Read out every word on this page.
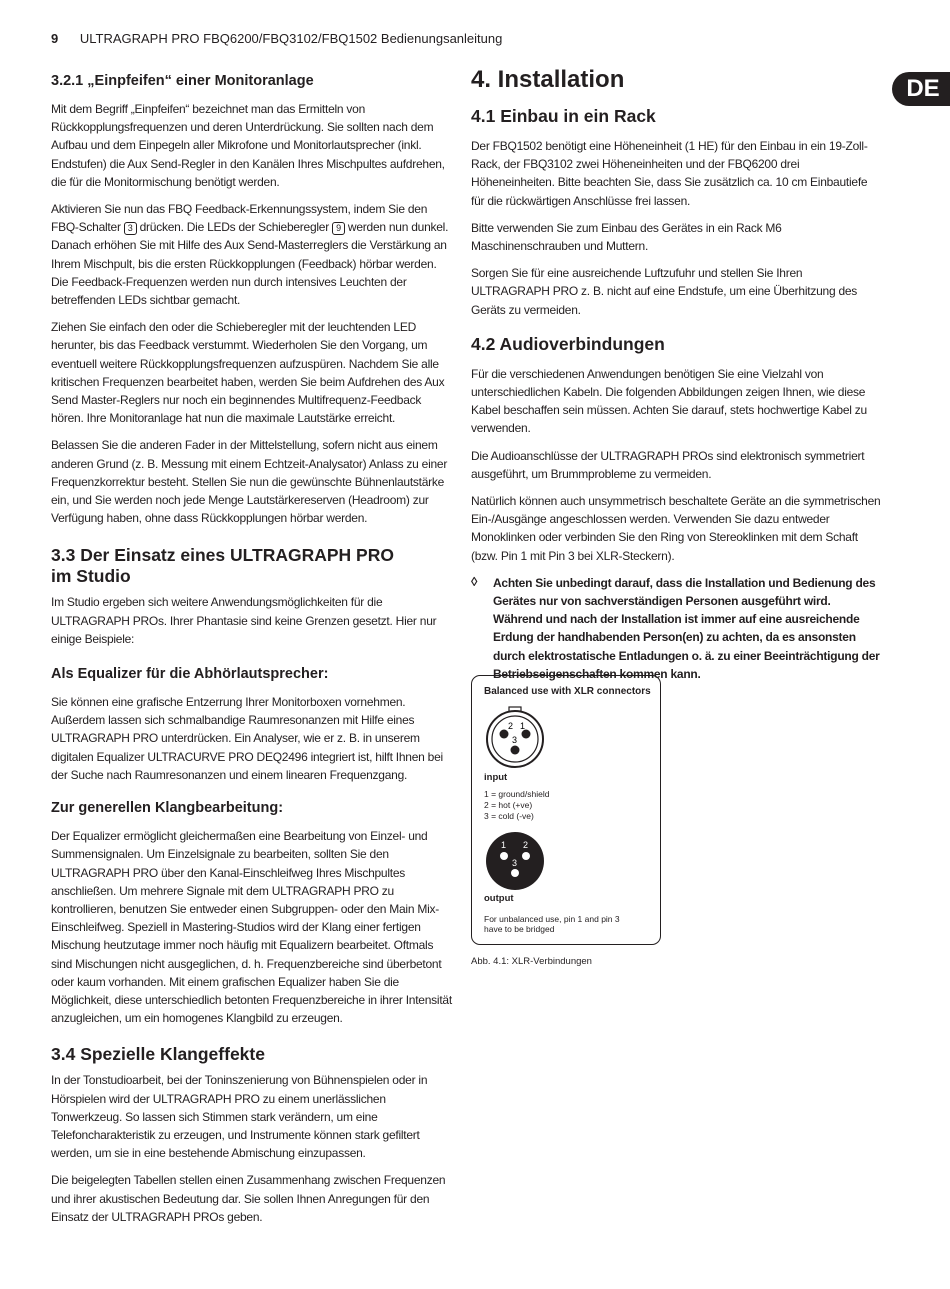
9 ULTRAGRAPH PRO FBQ6200/FBQ3102/FBQ1502 Bedienungsanleitung
DE
3.2.1 „Einpfeifen“ einer Monitoranlage

Mit dem Begriff „Einpfeifen“ bezeichnet man das Ermitteln von Rückkopplungsfrequenzen und deren Unterdrückung. Sie sollten nach dem Aufbau und dem Einpegeln aller Mikrofone und Monitorlautsprecher (inkl. Endstufen) die Aux Send-Regler in den Kanälen Ihres Mischpultes aufdrehen, die für die Monitormischung benötigt werden.

Aktivieren Sie nun das FBQ Feedback-Erkennungssystem, indem Sie den FBQ-Schalter 3 drücken. Die LEDs der Schieberegler 9 werden nun dunkel. Danach erhöhen Sie mit Hilfe des Aux Send-Masterreglers die Verstärkung an Ihrem Mischpult, bis die ersten Rückkopplungen (Feedback) hörbar werden. Die Feedback-Frequenzen werden nun durch intensives Leuchten der betreffenden LEDs sichtbar gemacht.

Ziehen Sie einfach den oder die Schieberegler mit der leuchtenden LED herunter, bis das Feedback verstummt. Wiederholen Sie den Vorgang, um eventuell weitere Rückkopplungsfrequenzen aufzuspüren. Nachdem Sie alle kritischen Frequenzen bearbeitet haben, werden Sie beim Aufdrehen des Aux Send Master-Reglers nur noch ein beginnendes Multifrequenz-Feedback hören. Ihre Monitoranlage hat nun die maximale Lautstärke erreicht.

Belassen Sie die anderen Fader in der Mittelstellung, sofern nicht aus einem anderen Grund (z. B. Messung mit einem Echtzeit-Analysator) Anlass zu einer Frequenzkorrektur besteht. Stellen Sie nun die gewünschte Bühnenlautstärke ein, und Sie werden noch jede Menge Lautstärkereserven (Headroom) zur Verfügung haben, ohne dass Rückkopplungen hörbar werden.

3.3 Der Einsatz eines ULTRAGRAPH PRO
im Studio

Im Studio ergeben sich weitere Anwendungsmöglichkeiten für die ULTRAGRAPH PROs. Ihrer Phantasie sind keine Grenzen gesetzt. Hier nur einige Beispiele:

Als Equalizer für die Abhörlautsprecher:

Sie können eine grafische Entzerrung Ihrer Monitorboxen vornehmen. Außerdem lassen sich schmalbandige Raumresonanzen mit Hilfe eines ULTRAGRAPH PRO unterdrücken. Ein Analyser, wie er z. B. in unserem digitalen Equalizer ULTRACURVE PRO DEQ2496 integriert ist, hilft Ihnen bei der Suche nach Raumresonanzen und einem linearen Frequenzgang.

Zur generellen Klangbearbeitung:

Der Equalizer ermöglicht gleichermaßen eine Bearbeitung von Einzel- und Summensignalen. Um Einzelsignale zu bearbeiten, sollten Sie den ULTRAGRAPH PRO über den Kanal-Einschleifweg Ihres Mischpultes anschließen. Um mehrere Signale mit dem ULTRAGRAPH PRO zu kontrollieren, benutzen Sie entweder einen Subgruppen- oder den Main Mix-Einschleifweg. Speziell in Mastering-Studios wird der Klang einer fertigen Mischung heutzutage immer noch häufig mit Equalizern bearbeitet. Oftmals sind Mischungen nicht ausgeglichen, d. h. Frequenzbereiche sind überbetont oder kaum vorhanden. Mit einem grafischen Equalizer haben Sie die Möglichkeit, diese unterschiedlich betonten Frequenzbereiche in ihrer Intensität anzugleichen, um ein homogenes Klangbild zu erzeugen.

3.4 Spezielle Klangeffekte

In der Tonstudioarbeit, bei der Toninszenierung von Bühnenspielen oder in Hörspielen wird der ULTRAGRAPH PRO zu einem unerlässlichen Tonwerkzeug. So lassen sich Stimmen stark verändern, um eine Telefoncharakteristik zu erzeugen, und Instrumente können stark gefiltert werden, um sie in eine bestehende Abmischung einzupassen.

Die beigelegten Tabellen stellen einen Zusammenhang zwischen Frequenzen und ihrer akustischen Bedeutung dar. Sie sollen Ihnen Anregungen für den Einsatz der ULTRAGRAPH PROs geben.

4. Installation
4.1 Einbau in ein Rack

Der FBQ1502 benötigt eine Höheneinheit (1 HE) für den Einbau in ein 19-Zoll-Rack, der FBQ3102 zwei Höheneinheiten und der FBQ6200 drei Höheneinheiten. Bitte beachten Sie, dass Sie zusätzlich ca. 10 cm Einbautiefe für die rückwärtigen Anschlüsse frei lassen.

Bitte verwenden Sie zum Einbau des Gerätes in ein Rack M6 Maschinenschrauben und Muttern.

Sorgen Sie für eine ausreichende Luftzufuhr und stellen Sie Ihren ULTRAGRAPH PRO z. B. nicht auf eine Endstufe, um eine Überhitzung des Geräts zu vermeiden.

4.2 Audioverbindungen

Für die verschiedenen Anwendungen benötigen Sie eine Vielzahl von unterschiedlichen Kabeln. Die folgenden Abbildungen zeigen Ihnen, wie diese Kabel beschaffen sein müssen. Achten Sie darauf, stets hochwertige Kabel zu verwenden.

Die Audioanschlüsse der ULTRAGRAPH PROs sind elektronisch symmetriert ausgeführt, um Brummprobleme zu vermeiden.

Natürlich können auch unsymmetrisch beschaltete Geräte an die symmetrischen Ein-/Ausgänge angeschlossen werden. Verwenden Sie dazu entweder Monoklinken oder verbinden Sie den Ring von Stereoklinken mit dem Schaft (bzw. Pin 1 mit Pin 3 bei XLR-Steckern).

◊	Achten Sie unbedingt darauf, dass die Installation und Bedienung des Gerätes nur von sachverständigen Personen ausgeführt wird. Während und nach der Installation ist immer auf eine ausreichende Erdung der handhabenden Person(en) zu achten, da es ansonsten durch elektrostatische Entladungen o. ä. zu einer Beeinträchtigung der Betriebseigenschaften kommen kann.
Balanced use with XLR connectors
2 1
3
input
1 = ground/shield
2 = hot (+ve)
3 = cold (-ve)
1 2
3
output
For unbalanced use, pin 1 and pin 3
have to be bridged
Abb. 4.1: XLR-Verbindungen
